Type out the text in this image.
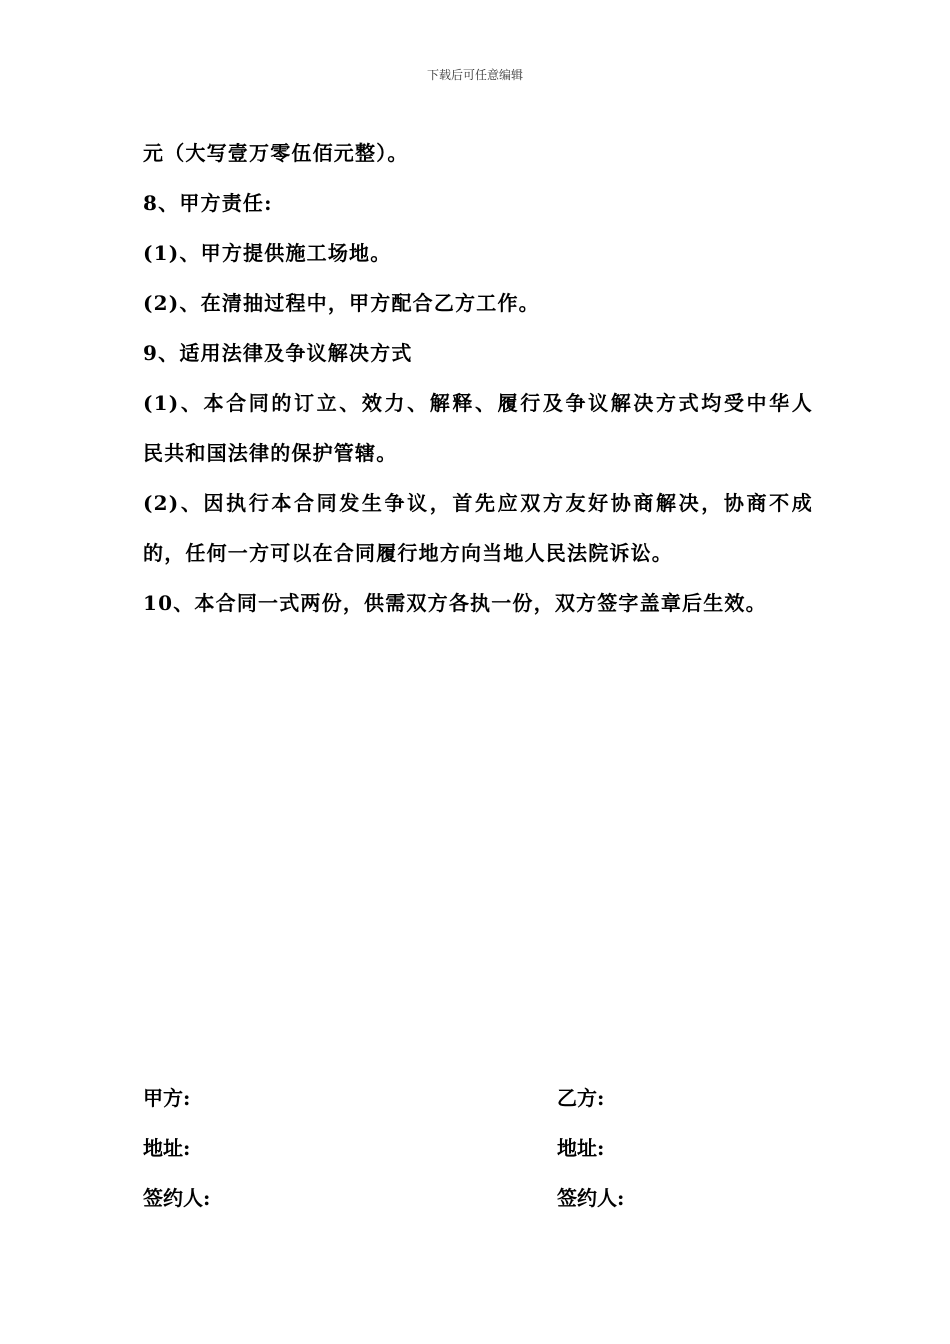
下载后可任意编辑
元（大写壹万零伍佰元整）。
8、甲方责任:
(1)、甲方提供施工场地。
(2)、在清抽过程中，甲方配合乙方工作。
9、适用法律及争议解决方式
(1)、本合同的订立、效力、解释、履行及争议解决方式均受中华人
民共和国法律的保护管辖。
(2)、因执行本合同发生争议，首先应双方友好协商解决，协商不成
的，任何一方可以在合同履行地方向当地人民法院诉讼。
10、本合同一式两份，供需双方各执一份，双方签字盖章后生效。
甲方:	乙方:
地址:	地址:
签约人:	签约人:
